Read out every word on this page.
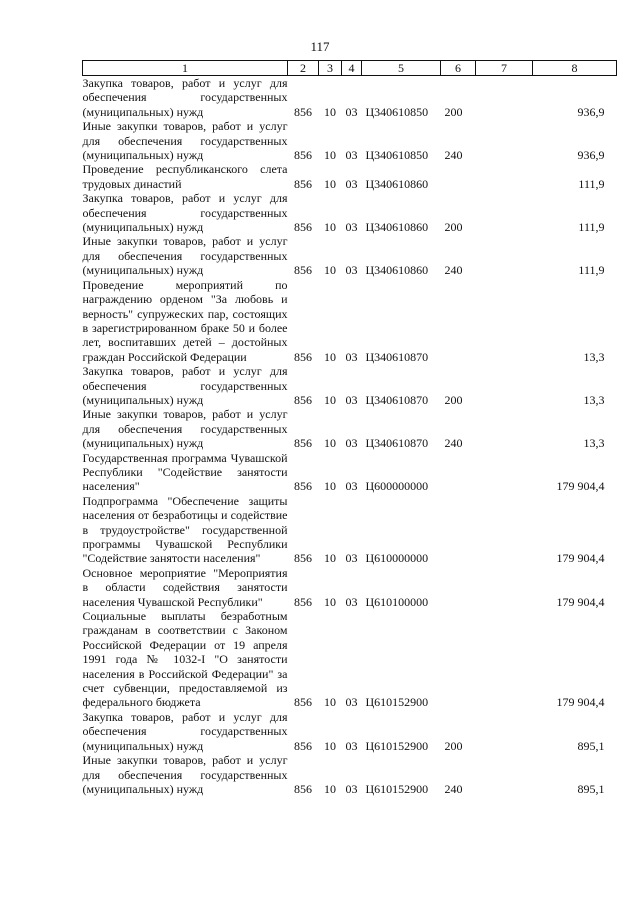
117
1	2	3	4	5	6	7	8
Закупка товаров, работ и услуг для обеспечения государственных (муниципальных) нужд	856	10	03	Ц340610850	200		936,9
Иные закупки товаров, работ и услуг для обеспечения государственных (муниципальных) нужд	856	10	03	Ц340610850	240		936,9
Проведение республиканского слета трудовых династий	856	10	03	Ц340610860			111,9
Закупка товаров, работ и услуг для обеспечения государственных (муниципальных) нужд	856	10	03	Ц340610860	200		111,9
Иные закупки товаров, работ и услуг для обеспечения государственных (муниципальных) нужд	856	10	03	Ц340610860	240		111,9
Проведение мероприятий по награждению орденом "За любовь и верность" супружеских пар, состоящих в зарегистрированном браке 50 и более лет, воспитавших детей – достойных граждан Российской Федерации	856	10	03	Ц340610870			13,3
Закупка товаров, работ и услуг для обеспечения государственных (муниципальных) нужд	856	10	03	Ц340610870	200		13,3
Иные закупки товаров, работ и услуг для обеспечения государственных (муниципальных) нужд	856	10	03	Ц340610870	240		13,3
Государственная программа Чувашской Республики "Содействие занятости населения"	856	10	03	Ц600000000			179 904,4
Подпрограмма "Обеспечение защиты населения от безработицы и содействие в трудоустройстве" государственной программы Чувашской Республики "Содействие занятости населения"	856	10	03	Ц610000000			179 904,4
Основное мероприятие "Мероприятия в области содействия занятости населения Чувашской Республики"	856	10	03	Ц610100000			179 904,4
Социальные выплаты безработным гражданам в соответствии с Законом Российской Федерации от 19 апреля 1991 года № 1032-I "О занятости населения в Российской Федерации" за счет субвенции, предоставляемой из федерального бюджета	856	10	03	Ц610152900			179 904,4
Закупка товаров, работ и услуг для обеспечения государственных (муниципальных) нужд	856	10	03	Ц610152900	200		895,1
Иные закупки товаров, работ и услуг для обеспечения государственных (муниципальных) нужд	856	10	03	Ц610152900	240		895,1
